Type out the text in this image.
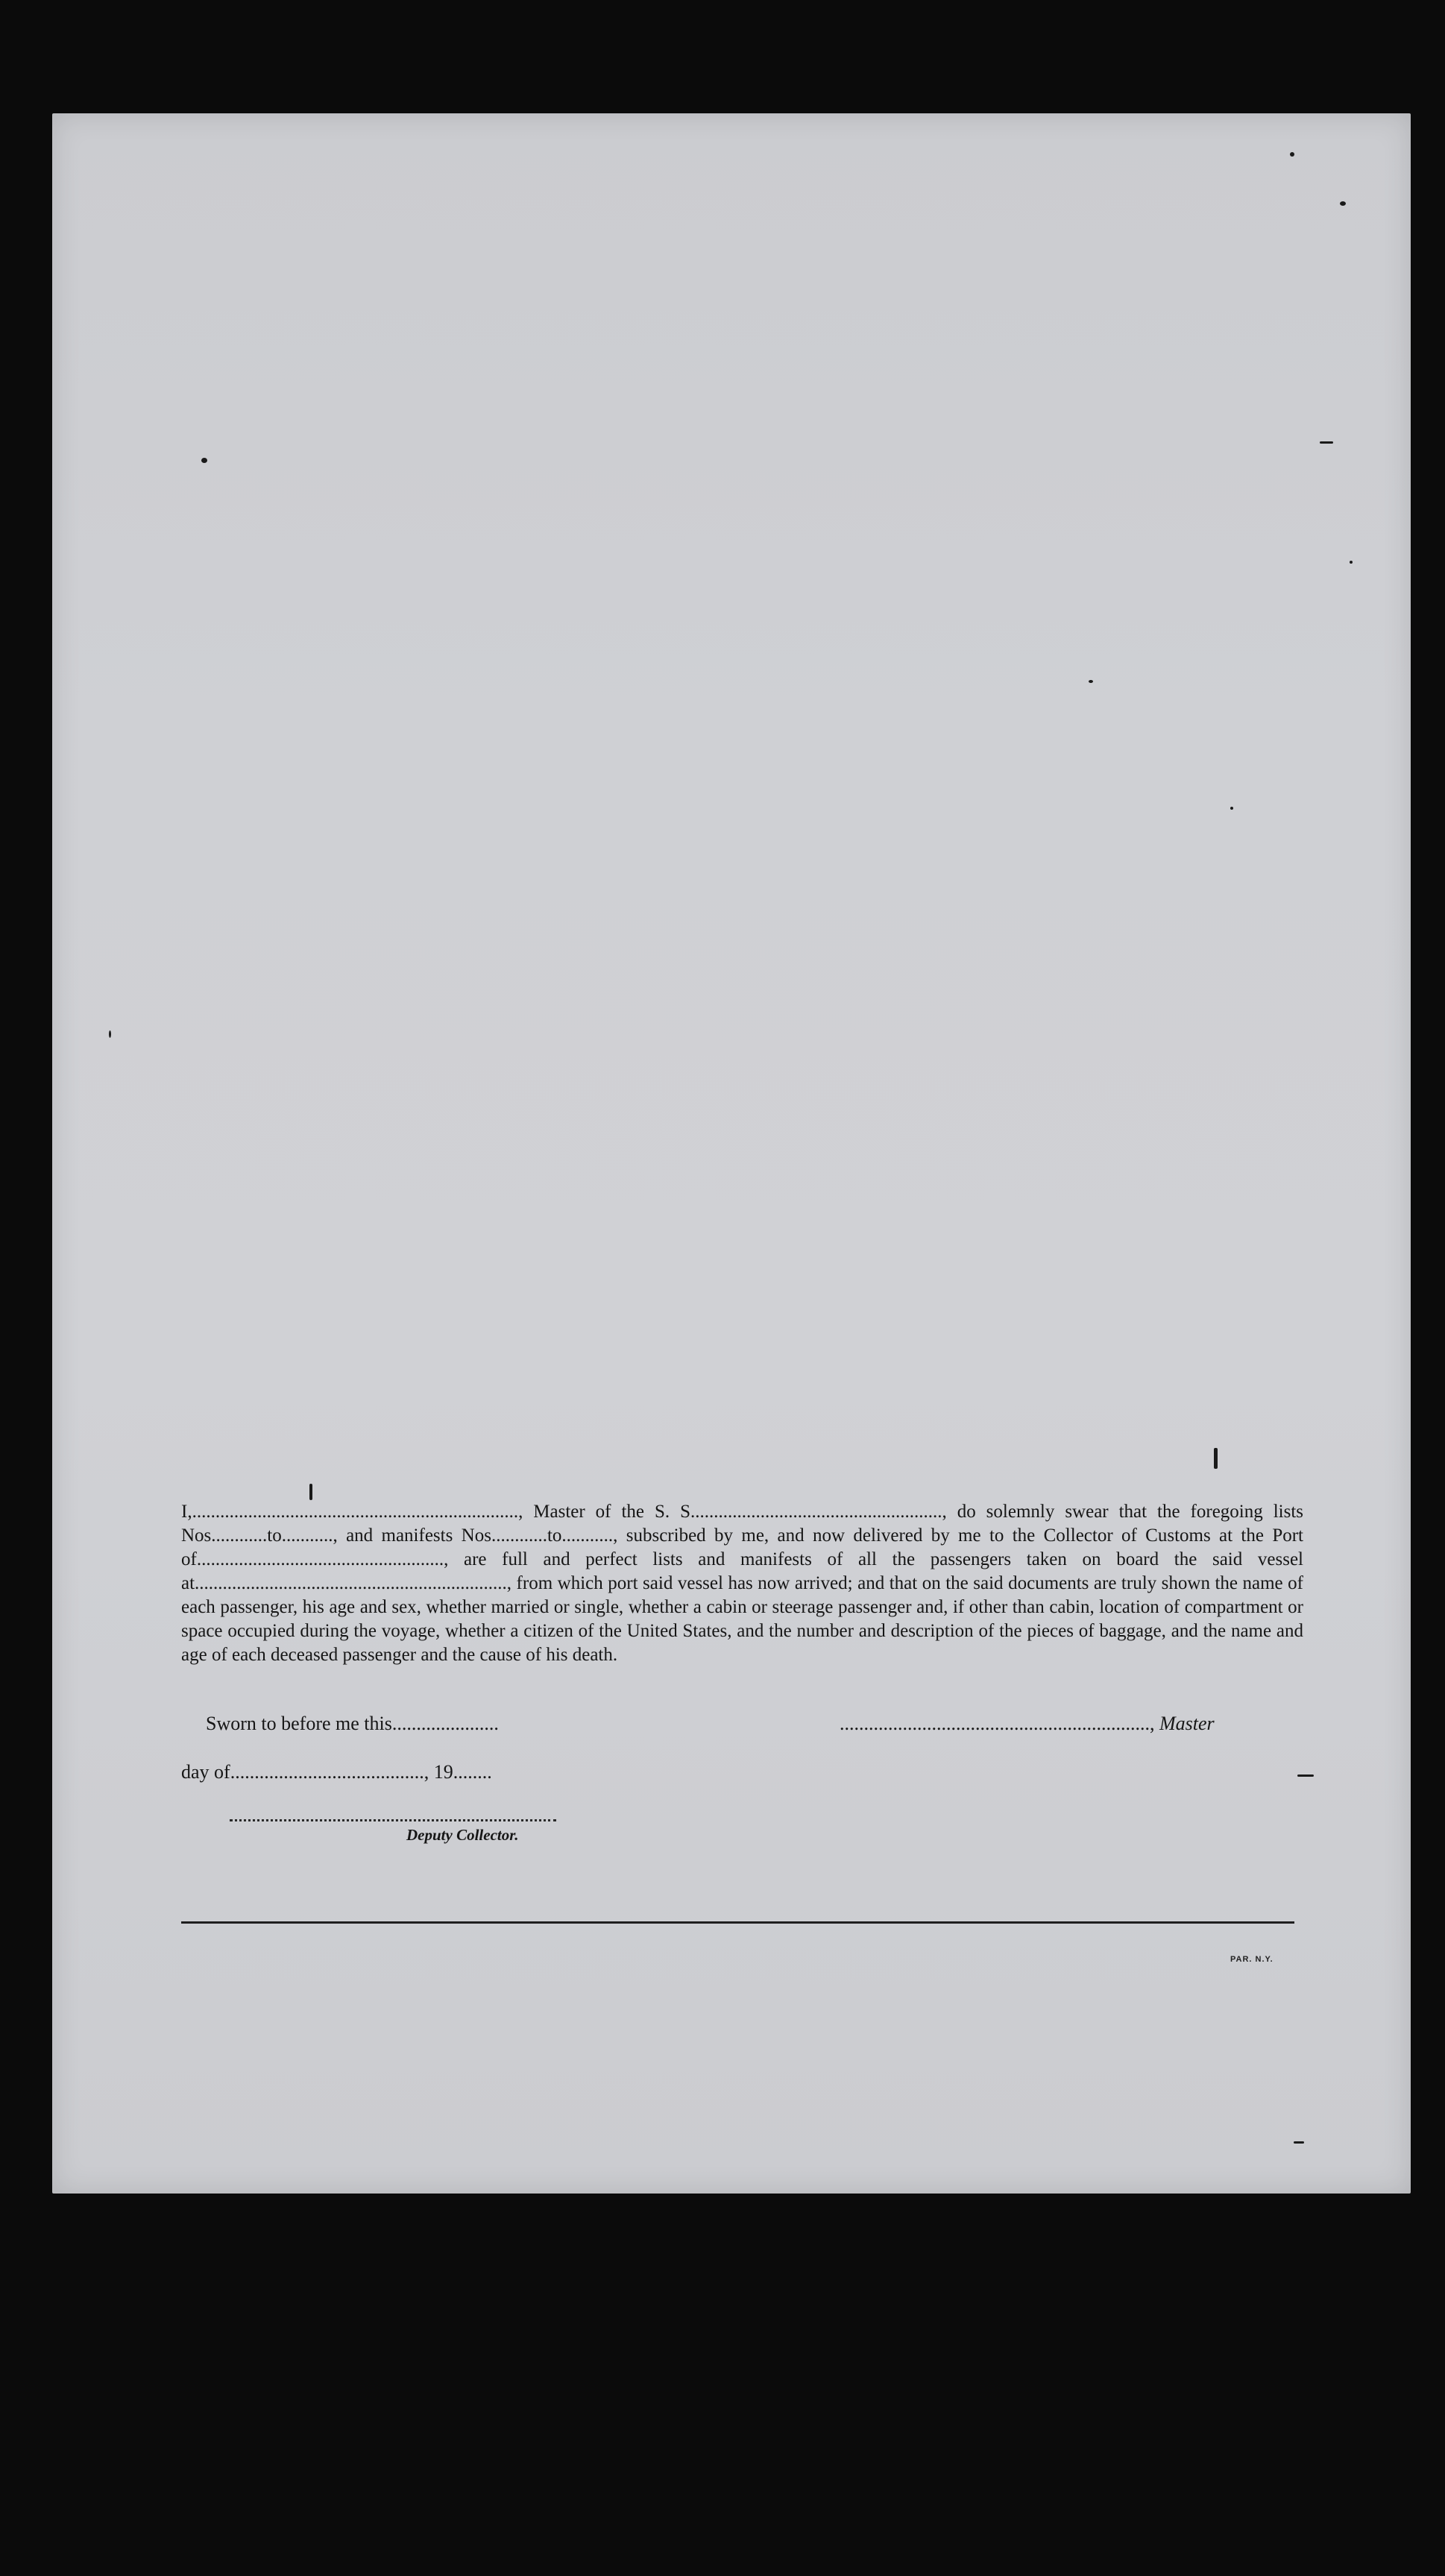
I,......................................................................, Master of the S. S......................................................, do solemnly swear that the foregoing lists Nos............to..........., and manifests Nos............to..........., subscribed by me, and now delivered by me to the Collector of Customs at the Port of....................................................., are full and perfect lists and manifests of all the passengers taken on board the said vessel at..................................................................., from which port said vessel has now arrived; and that on the said documents are truly shown the name of each passenger, his age and sex, whether married or single, whether a cabin or steerage passenger and, if other than cabin, location of compartment or space occupied during the voyage, whether a citizen of the United States, and the number and description of the pieces of baggage, and the name and age of each deceased passenger and the cause of his death.

Sworn to before me this......................	................................................................, Master
day of........................................, 19........
Deputy Collector.
PAR. N.Y.
